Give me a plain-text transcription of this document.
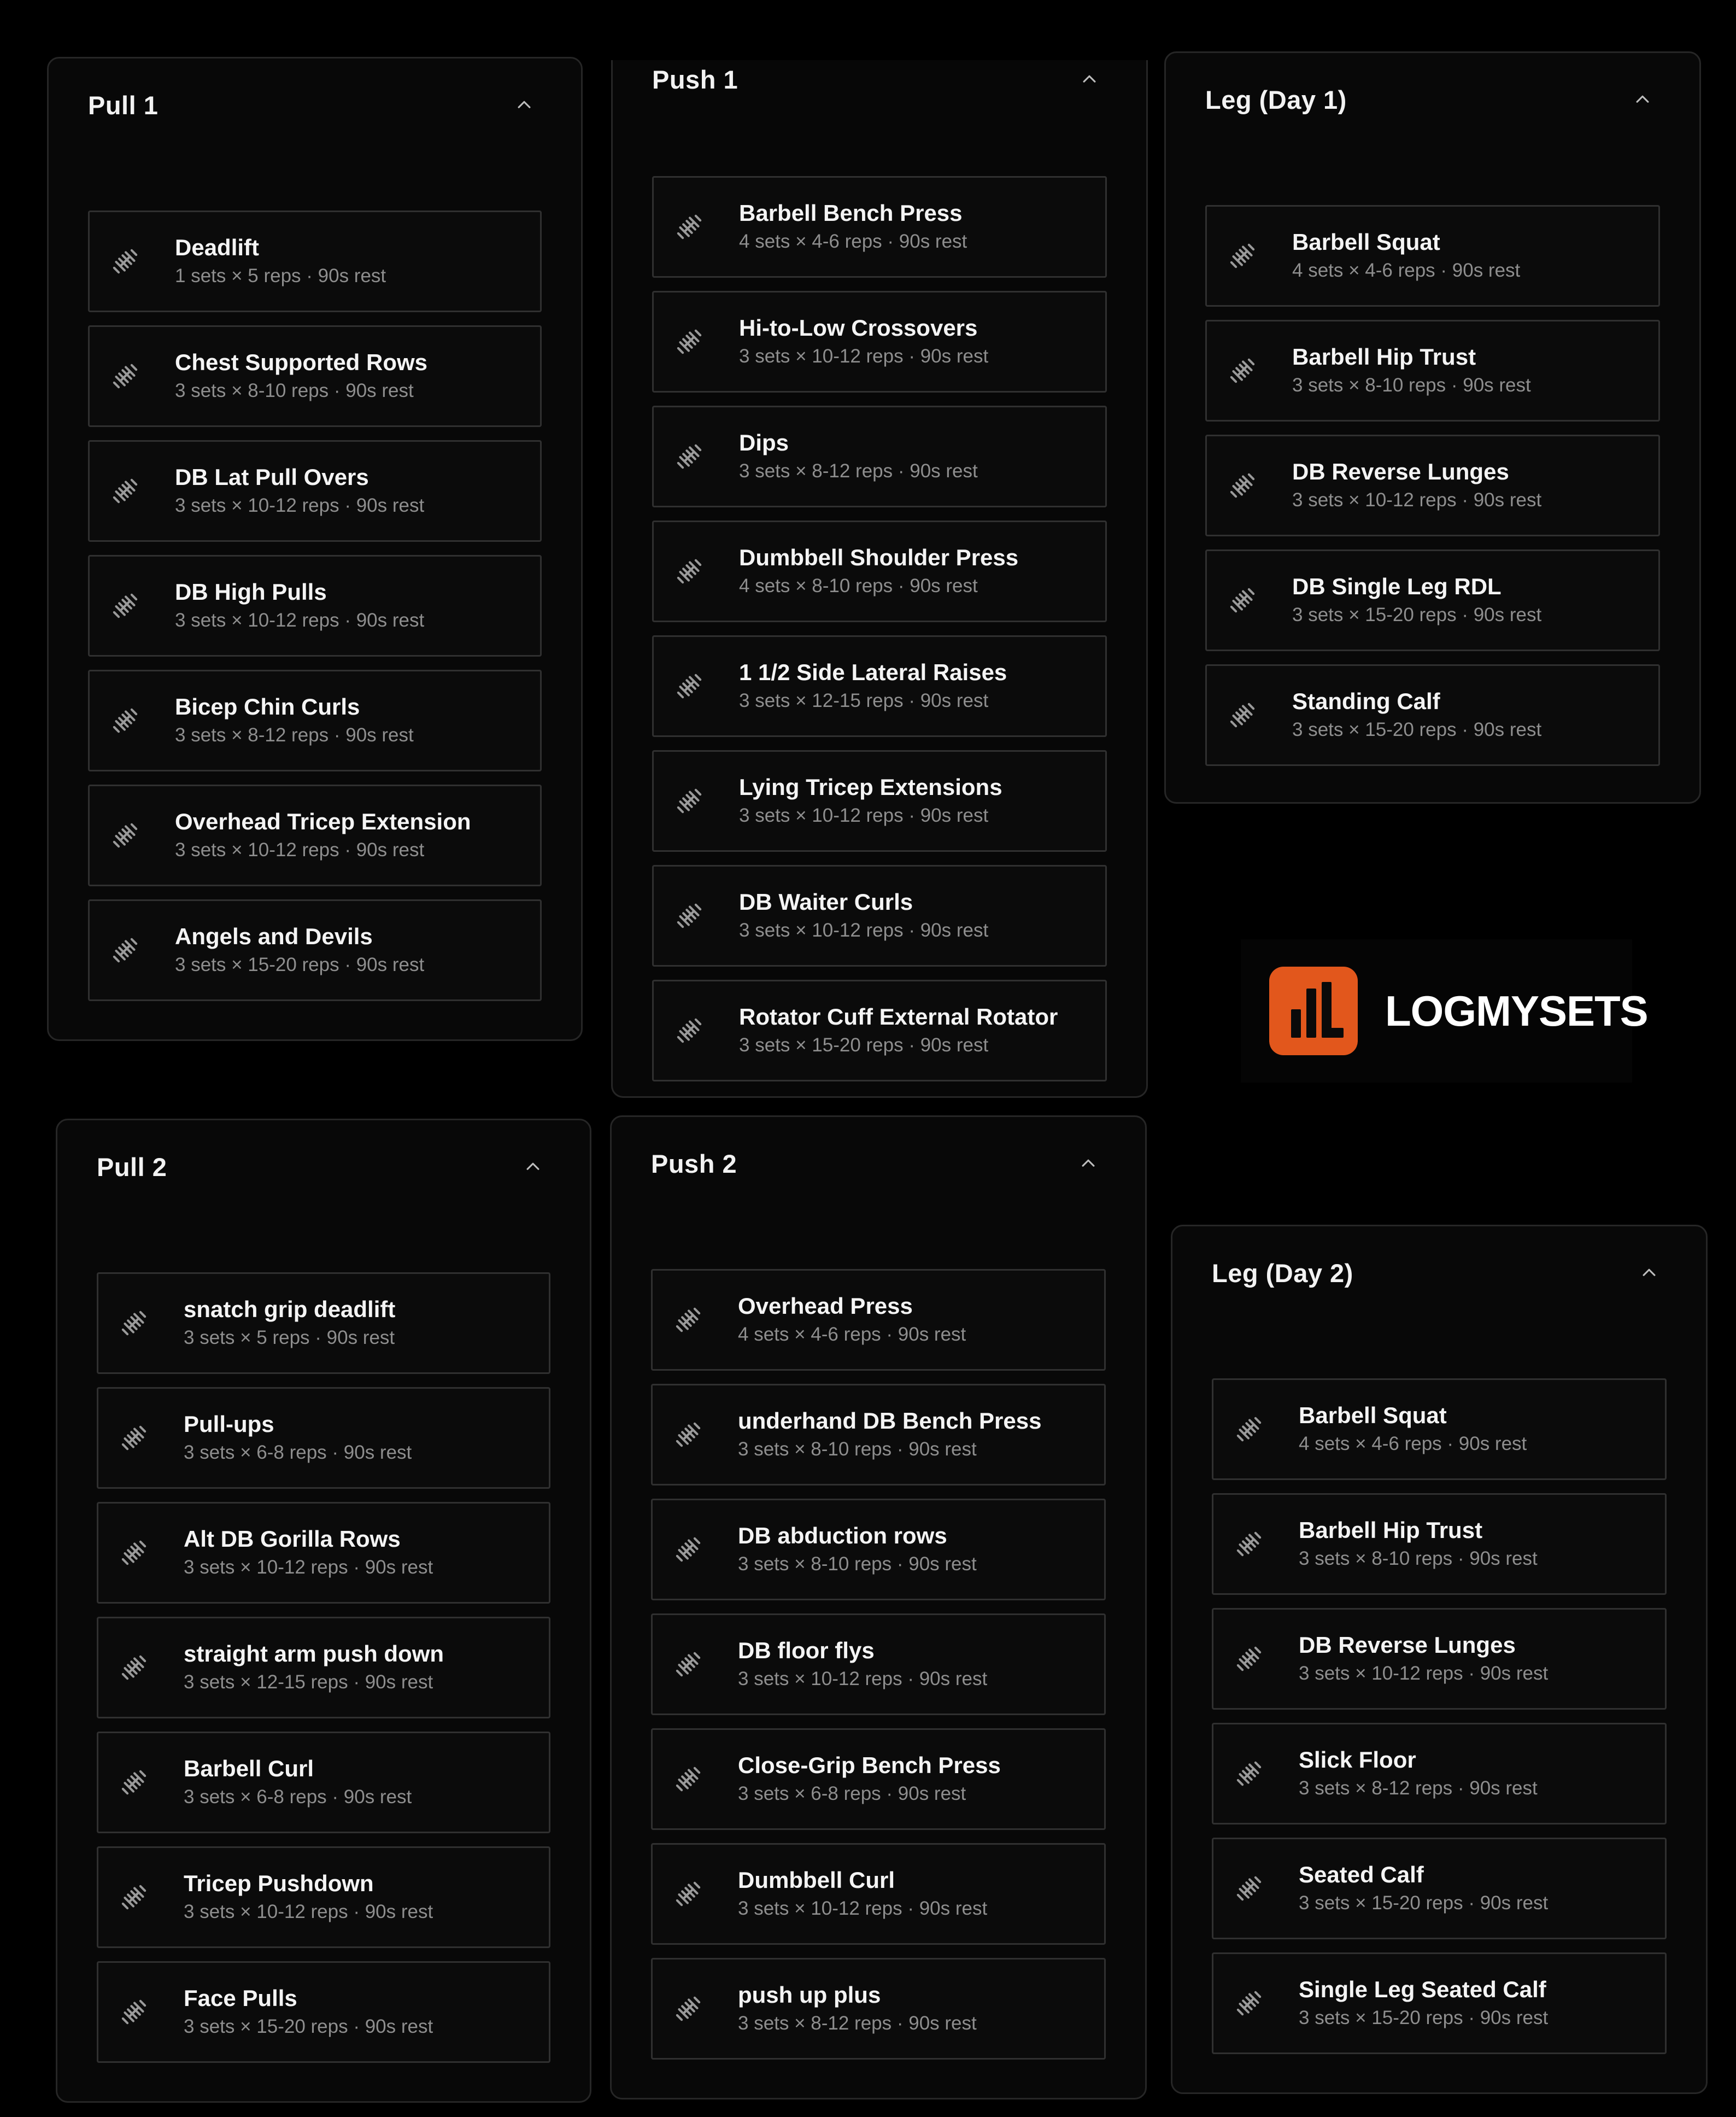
Pull 1
Deadlift
1 sets × 5 reps · 90s rest
Chest Supported Rows
3 sets × 8-10 reps · 90s rest
DB Lat Pull Overs
3 sets × 10-12 reps · 90s rest
DB High Pulls
3 sets × 10-12 reps · 90s rest
Bicep Chin Curls
3 sets × 8-12 reps · 90s rest
Overhead Tricep Extension
3 sets × 10-12 reps · 90s rest
Angels and Devils
3 sets × 15-20 reps · 90s rest
Push 1
Barbell Bench Press
4 sets × 4-6 reps · 90s rest
Hi-to-Low Crossovers
3 sets × 10-12 reps · 90s rest
Dips
3 sets × 8-12 reps · 90s rest
Dumbbell Shoulder Press
4 sets × 8-10 reps · 90s rest
1 1/2 Side Lateral Raises
3 sets × 12-15 reps · 90s rest
Lying Tricep Extensions
3 sets × 10-12 reps · 90s rest
DB Waiter Curls
3 sets × 10-12 reps · 90s rest
Rotator Cuff External Rotator
3 sets × 15-20 reps · 90s rest
Leg (Day 1)
Barbell Squat
4 sets × 4-6 reps · 90s rest
Barbell Hip Trust
3 sets × 8-10 reps · 90s rest
DB Reverse Lunges
3 sets × 10-12 reps · 90s rest
DB Single Leg RDL
3 sets × 15-20 reps · 90s rest
Standing Calf
3 sets × 15-20 reps · 90s rest
Pull 2
snatch grip deadlift
3 sets × 5 reps · 90s rest
Pull-ups
3 sets × 6-8 reps · 90s rest
Alt DB Gorilla Rows
3 sets × 10-12 reps · 90s rest
straight arm push down
3 sets × 12-15 reps · 90s rest
Barbell Curl
3 sets × 6-8 reps · 90s rest
Tricep Pushdown
3 sets × 10-12 reps · 90s rest
Face Pulls
3 sets × 15-20 reps · 90s rest
Push 2
Overhead Press
4 sets × 4-6 reps · 90s rest
underhand DB Bench Press
3 sets × 8-10 reps · 90s rest
DB abduction rows
3 sets × 8-10 reps · 90s rest
DB floor flys
3 sets × 10-12 reps · 90s rest
Close-Grip Bench Press
3 sets × 6-8 reps · 90s rest
Dumbbell Curl
3 sets × 10-12 reps · 90s rest
push up plus
3 sets × 8-12 reps · 90s rest
Leg (Day 2)
Barbell Squat
4 sets × 4-6 reps · 90s rest
Barbell Hip Trust
3 sets × 8-10 reps · 90s rest
DB Reverse Lunges
3 sets × 10-12 reps · 90s rest
Slick Floor
3 sets × 8-12 reps · 90s rest
Seated Calf
3 sets × 15-20 reps · 90s rest
Single Leg Seated Calf
3 sets × 15-20 reps · 90s rest
LOGMYSETS
